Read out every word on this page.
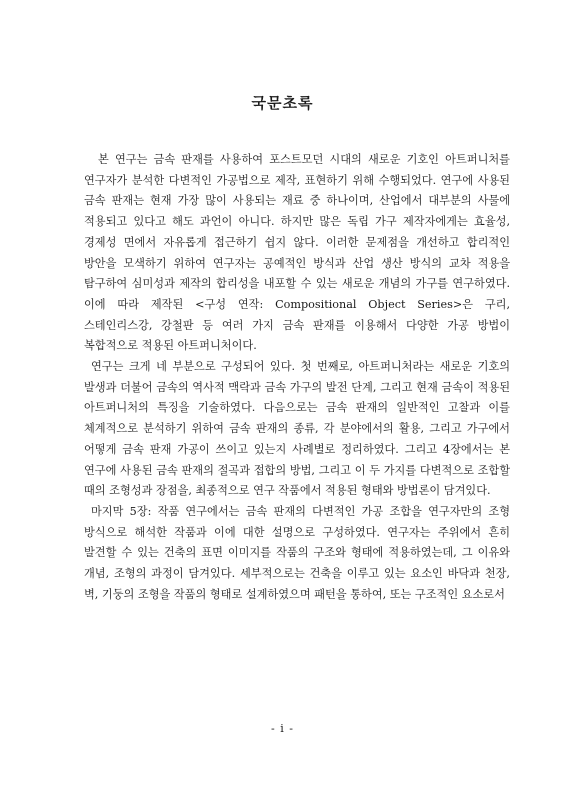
국문초록

본 연구는 금속 판재를 사용하여 포스트모던 시대의 새로운 기호인 아트퍼니처를 연구자가 분석한 다변적인 가공법으로 제작, 표현하기 위해 수행되었다. 연구에 사용된 금속 판재는 현재 가장 많이 사용되는 재료 중 하나이며, 산업에서 대부분의 사물에 적용되고 있다고 해도 과언이 아니다. 하지만 많은 독립 가구 제작자에게는 효율성, 경제성 면에서 자유롭게 접근하기 쉽지 않다. 이러한 문제점을 개선하고 합리적인 방안을 모색하기 위하여 연구자는 공예적인 방식과 산업 생산 방식의 교차 적용을 탐구하여 심미성과 제작의 합리성을 내포할 수 있는 새로운 개념의 가구를 연구하였다. 이에 따라 제작된 <구성 연작: Compositional Object Series>은 구리, 스테인리스강, 강철판 등 여러 가지 금속 판재를 이용해서 다양한 가공 방법이 복합적으로 적용된 아트퍼니처이다.

연구는 크게 네 부분으로 구성되어 있다. 첫 번째로, 아트퍼니처라는 새로운 기호의 발생과 더불어 금속의 역사적 맥락과 금속 가구의 발전 단계, 그리고 현재 금속이 적용된 아트퍼니처의 특징을 기술하였다. 다음으로는 금속 판재의 일반적인 고찰과 이를 체계적으로 분석하기 위하여 금속 판재의 종류, 각 분야에서의 활용, 그리고 가구에서 어떻게 금속 판재 가공이 쓰이고 있는지 사례별로 정리하였다. 그리고 4장에서는 본 연구에 사용된 금속 판재의 절곡과 접합의 방법, 그리고 이 두 가지를 다변적으로 조합할 때의 조형성과 장점을, 최종적으로 연구 작품에서 적용된 형태와 방법론이 담겨있다.

마지막 5장: 작품 연구에서는 금속 판재의 다변적인 가공 조합을 연구자만의 조형 방식으로 해석한 작품과 이에 대한 설명으로 구성하였다. 연구자는 주위에서 흔히 발견할 수 있는 건축의 표면 이미지를 작품의 구조와 형태에 적용하였는데, 그 이유와 개념, 조형의 과정이 담겨있다. 세부적으로는 건축을 이루고 있는 요소인 바닥과 천장, 벽, 기둥의 조형을 작품의 형태로 설계하였으며 패턴을 통하여, 또는 구조적인 요소로서

- i -
